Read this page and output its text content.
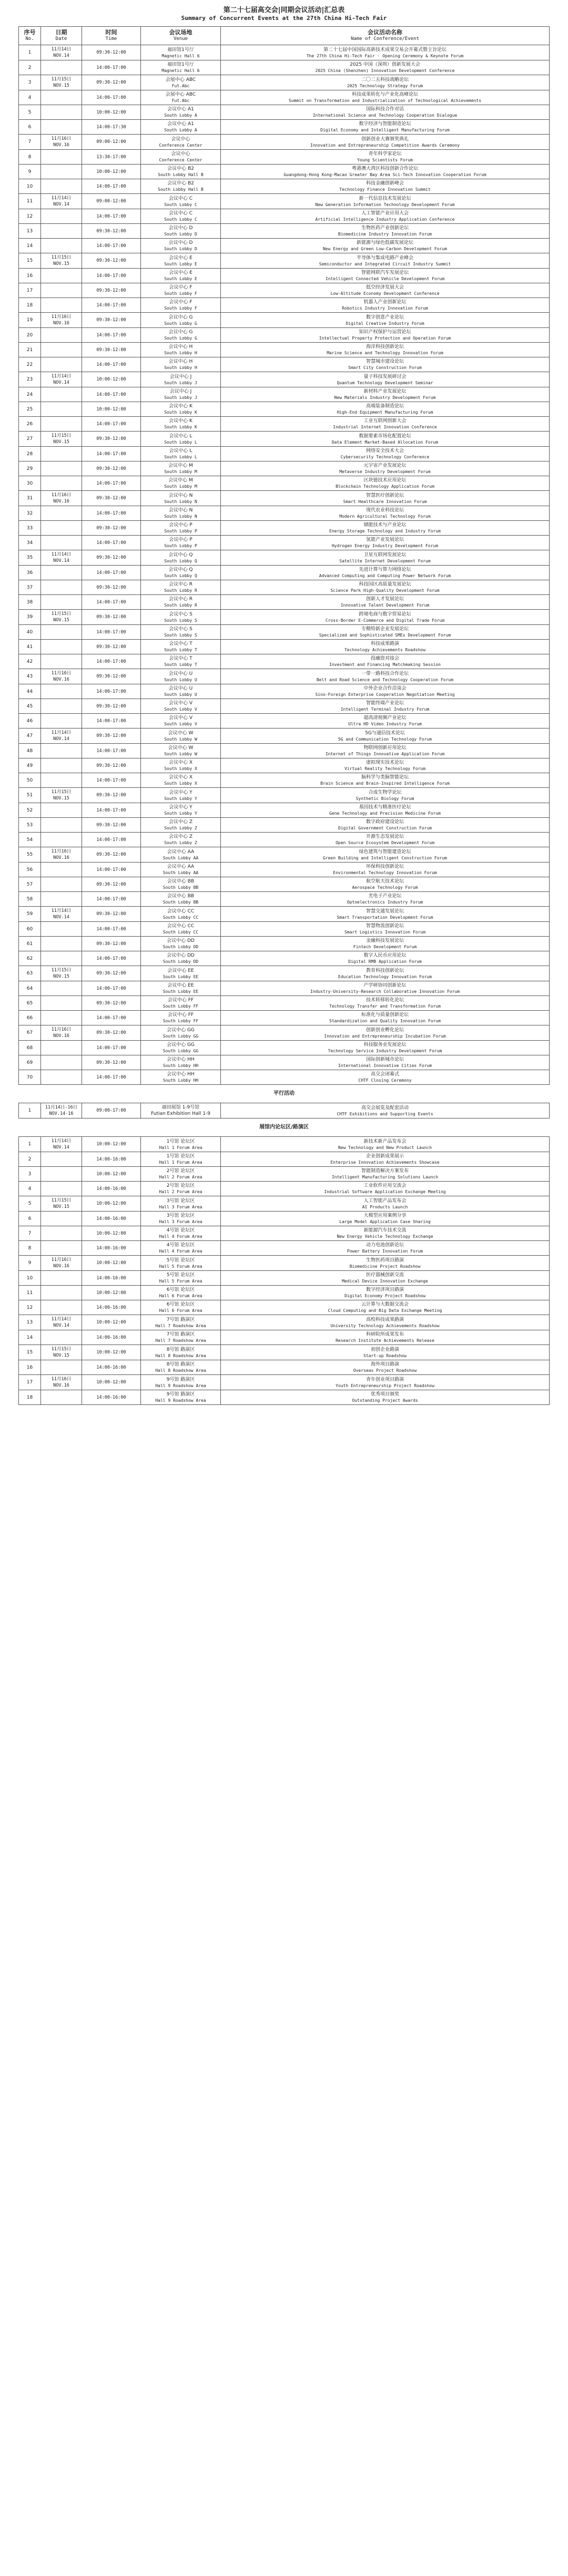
第二十七届高交会|同期会议活动|汇总表
Summary of Concurrent Events at the 27th China Hi-Tech Fair
序号
No.	日期
Date	时间
Time	会议场地
Venue	会议活动名称
Name of Conference/Event

1	11月14日
NOV.14	09:30-12:00	福田馆1号厅
Magnetic Hall 6	第二十七届中国国际高新技术成果交易会开幕式暨主旨论坛
The 27th China Hi-Tech Fair · Opening Ceremony & Keynote Forum

2		14:00-17:00	福田馆1号厅
Magnetic Hall 6	2025 中国（深圳）创新发展大会
2025 China (Shenzhen) Innovation Development Conference

3	11月15日
NOV.15	09:30-12:00	会展中心 ABC
Fut.Abc	二〇二五科技战略论坛
2025 Technology Strategy Forum

4		14:00-17:00	会展中心 ABC
Fut.Abc	科技成果转化与产业化高峰论坛
Summit on Transformation and Industrialization of Technological Achievements

5		10:00-12:00	会议中心 A1
South Lobby A	国际科技合作对话
International Science and Technology Cooperation Dialogue

6		14:00-17:30	会议中心 A1
South Lobby A	数字经济与智能制造论坛
Digital Economy and Intelligent Manufacturing Forum

7	11月16日
NOV.16	09:00-12:00	会议中心
Conference Center	创新创业大赛颁奖典礼
Innovation and Entrepreneurship Competition Awards Ceremony

8		13:30-17:00	会议中心
Conference Center	青年科学家论坛
Young Scientists Forum

9		10:00-12:00	会议中心 B2
South Lobby Hall B	粤港澳大湾区科技创新合作论坛
Guangdong-Hong Kong-Macao Greater Bay Area Sci-Tech Innovation Cooperation Forum

10		14:00-17:00	会议中心 B2
South Lobby Hall B	科技金融创新峰会
Technology Finance Innovation Summit

11	11月14日
NOV.14	09:00-12:00	会议中心 C
South Lobby C	新一代信息技术发展论坛
New Generation Information Technology Development Forum

12		14:00-17:00	会议中心 C
South Lobby C	人工智能产业应用大会
Artificial Intelligence Industry Application Conference

13		09:30-12:00	会议中心 D
South Lobby D	生物医药产业创新论坛
Biomedicine Industry Innovation Forum

14		14:00-17:00	会议中心 D
South Lobby D	新能源与绿色低碳发展论坛
New Energy and Green Low-Carbon Development Forum

15	11月15日
NOV.15	09:30-12:00	会议中心 E
South Lobby E	半导体与集成电路产业峰会
Semiconductor and Integrated Circuit Industry Summit

16		14:00-17:00	会议中心 E
South Lobby E	智能网联汽车发展论坛
Intelligent Connected Vehicle Development Forum

17		09:30-12:00	会议中心 F
South Lobby F	低空经济发展大会
Low-Altitude Economy Development Conference

18		14:00-17:00	会议中心 F
South Lobby F	机器人产业创新论坛
Robotics Industry Innovation Forum

19	11月16日
NOV.16	09:30-12:00	会议中心 G
South Lobby G	数字创意产业论坛
Digital Creative Industry Forum

20		14:00-17:00	会议中心 G
South Lobby G	知识产权保护与运营论坛
Intellectual Property Protection and Operation Forum

21		09:30-12:00	会议中心 H
South Lobby H	海洋科技创新论坛
Marine Science and Technology Innovation Forum

22		14:00-17:00	会议中心 H
South Lobby H	智慧城市建设论坛
Smart City Construction Forum

23	11月14日
NOV.14	10:00-12:00	会议中心 J
South Lobby J	量子科技发展研讨会
Quantum Technology Development Seminar

24		14:00-17:00	会议中心 J
South Lobby J	新材料产业发展论坛
New Materials Industry Development Forum

25		10:00-12:00	会议中心 K
South Lobby K	高端装备制造论坛
High-End Equipment Manufacturing Forum

26		14:00-17:00	会议中心 K
South Lobby K	工业互联网创新大会
Industrial Internet Innovation Conference

27	11月15日
NOV.15	09:30-12:00	会议中心 L
South Lobby L	数据要素市场化配置论坛
Data Element Market-Based Allocation Forum

28		14:00-17:00	会议中心 L
South Lobby L	网络安全技术大会
Cybersecurity Technology Conference

29		09:30-12:00	会议中心 M
South Lobby M	元宇宙产业发展论坛
Metaverse Industry Development Forum

30		14:00-17:00	会议中心 M
South Lobby M	区块链技术应用论坛
Blockchain Technology Application Forum

31	11月16日
NOV.16	09:30-12:00	会议中心 N
South Lobby N	智慧医疗创新论坛
Smart Healthcare Innovation Forum

32		14:00-17:00	会议中心 N
South Lobby N	现代农业科技论坛
Modern Agricultural Technology Forum

33		09:30-12:00	会议中心 P
South Lobby P	储能技术与产业论坛
Energy Storage Technology and Industry Forum

34		14:00-17:00	会议中心 P
South Lobby P	氢能产业发展论坛
Hydrogen Energy Industry Development Forum

35	11月14日
NOV.14	09:30-12:00	会议中心 Q
South Lobby Q	卫星互联网发展论坛
Satellite Internet Development Forum

36		14:00-17:00	会议中心 Q
South Lobby Q	先进计算与算力网络论坛
Advanced Computing and Computing Power Network Forum

37		09:30-12:00	会议中心 R
South Lobby R	科技园区高质量发展论坛
Science Park High-Quality Development Forum

38		14:00-17:00	会议中心 R
South Lobby R	创新人才发展论坛
Innovative Talent Development Forum

39	11月15日
NOV.15	09:30-12:00	会议中心 S
South Lobby S	跨境电商与数字贸易论坛
Cross-Border E-Commerce and Digital Trade Forum

40		14:00-17:00	会议中心 S
South Lobby S	专精特新企业发展论坛
Specialized and Sophisticated SMEs Development Forum

41		09:30-12:00	会议中心 T
South Lobby T	科技成果路演
Technology Achievements Roadshow

42		14:00-17:00	会议中心 T
South Lobby T	投融资对接会
Investment and Financing Matchmaking Session

43	11月16日
NOV.16	09:30-12:00	会议中心 U
South Lobby U	一带一路科技合作论坛
Belt and Road Science and Technology Cooperation Forum

44		14:00-17:00	会议中心 U
South Lobby U	中外企业合作洽谈会
Sino-Foreign Enterprise Cooperation Negotiation Meeting

45		09:30-12:00	会议中心 V
South Lobby V	智能终端产业论坛
Intelligent Terminal Industry Forum

46		14:00-17:00	会议中心 V
South Lobby V	超高清视频产业论坛
Ultra HD Video Industry Forum

47	11月14日
NOV.14	09:30-12:00	会议中心 W
South Lobby W	5G与通信技术论坛
5G and Communication Technology Forum

48		14:00-17:00	会议中心 W
South Lobby W	物联网创新应用论坛
Internet of Things Innovative Application Forum

49		09:30-12:00	会议中心 X
South Lobby X	虚拟现实技术论坛
Virtual Reality Technology Forum

50		14:00-17:00	会议中心 X
South Lobby X	脑科学与类脑智能论坛
Brain Science and Brain-Inspired Intelligence Forum

51	11月15日
NOV.15	09:30-12:00	会议中心 Y
South Lobby Y	合成生物学论坛
Synthetic Biology Forum

52		14:00-17:00	会议中心 Y
South Lobby Y	基因技术与精准医疗论坛
Gene Technology and Precision Medicine Forum

53		09:30-12:00	会议中心 Z
South Lobby Z	数字政府建设论坛
Digital Government Construction Forum

54		14:00-17:00	会议中心 Z
South Lobby Z	开源生态发展论坛
Open Source Ecosystem Development Forum

55	11月16日
NOV.16	09:30-12:00	会议中心 AA
South Lobby AA	绿色建筑与智能建造论坛
Green Building and Intelligent Construction Forum

56		14:00-17:00	会议中心 AA
South Lobby AA	环保科技创新论坛
Environmental Technology Innovation Forum

57		09:30-12:00	会议中心 BB
South Lobby BB	航空航天技术论坛
Aerospace Technology Forum

58		14:00-17:00	会议中心 BB
South Lobby BB	光电子产业论坛
Optoelectronics Industry Forum

59	11月14日
NOV.14	09:30-12:00	会议中心 CC
South Lobby CC	智慧交通发展论坛
Smart Transportation Development Forum

60		14:00-17:00	会议中心 CC
South Lobby CC	智慧物流创新论坛
Smart Logistics Innovation Forum

61		09:30-12:00	会议中心 DD
South Lobby DD	金融科技发展论坛
Fintech Development Forum

62		14:00-17:00	会议中心 DD
South Lobby DD	数字人民币应用论坛
Digital RMB Application Forum

63	11月15日
NOV.15	09:30-12:00	会议中心 EE
South Lobby EE	教育科技创新论坛
Education Technology Innovation Forum

64		14:00-17:00	会议中心 EE
South Lobby EE	产学研协同创新论坛
Industry-University-Research Collaborative Innovation Forum

65		09:30-12:00	会议中心 FF
South Lobby FF	技术转移转化论坛
Technology Transfer and Transformation Forum

66		14:00-17:00	会议中心 FF
South Lobby FF	标准化与质量创新论坛
Standardization and Quality Innovation Forum

67	11月16日
NOV.16	09:30-12:00	会议中心 GG
South Lobby GG	创新创业孵化论坛
Innovation and Entrepreneurship Incubation Forum

68		14:00-17:00	会议中心 GG
South Lobby GG	科技服务业发展论坛
Technology Service Industry Development Forum

69		09:30-12:00	会议中心 HH
South Lobby HH	国际创新城市论坛
International Innovative Cities Forum

70		14:00-17:00	会议中心 HH
South Lobby HH	高交会闭幕式
CHTF Closing Ceremony

平行活动				
1	11月14日-16日
NOV.14-16	09:00-17:00	福田展馆 1-9号馆
Futian Exhibition Hall 1-9	高交会展览及配套活动
CHTF Exhibitions and Supporting Events

展馆内论坛区/路演区				
1	11月14日
NOV.14	10:00-12:00	1号馆 论坛区
Hall 1 Forum Area	新技术新产品发布会
New Technology and New Product Launch

2		14:00-16:00	1号馆 论坛区
Hall 1 Forum Area	企业创新成果展示
Enterprise Innovation Achievements Showcase

3		10:00-12:00	2号馆 论坛区
Hall 2 Forum Area	智能制造解决方案发布
Intelligent Manufacturing Solutions Launch

4		14:00-16:00	2号馆 论坛区
Hall 2 Forum Area	工业软件应用交流会
Industrial Software Application Exchange Meeting

5	11月15日
NOV.15	10:00-12:00	3号馆 论坛区
Hall 3 Forum Area	人工智能产品发布会
AI Products Launch

6		14:00-16:00	3号馆 论坛区
Hall 3 Forum Area	大模型应用案例分享
Large Model Application Case Sharing

7		10:00-12:00	4号馆 论坛区
Hall 4 Forum Area	新能源汽车技术交流
New Energy Vehicle Technology Exchange

8		14:00-16:00	4号馆 论坛区
Hall 4 Forum Area	动力电池创新论坛
Power Battery Innovation Forum

9	11月16日
NOV.16	10:00-12:00	5号馆 论坛区
Hall 5 Forum Area	生物医药项目路演
Biomedicine Project Roadshow

10		14:00-16:00	5号馆 论坛区
Hall 5 Forum Area	医疗器械创新交流
Medical Device Innovation Exchange

11		10:00-12:00	6号馆 论坛区
Hall 6 Forum Area	数字经济项目路演
Digital Economy Project Roadshow

12		14:00-16:00	6号馆 论坛区
Hall 6 Forum Area	云计算与大数据交流会
Cloud Computing and Big Data Exchange Meeting

13	11月14日
NOV.14	10:00-12:00	7号馆 路演区
Hall 7 Roadshow Area	高校科技成果路演
University Technology Achievements Roadshow

14		14:00-16:00	7号馆 路演区
Hall 7 Roadshow Area	科研院所成果发布
Research Institute Achievements Release

15	11月15日
NOV.15	10:00-12:00	8号馆 路演区
Hall 8 Roadshow Area	初创企业路演
Start-up Roadshow

16		14:00-16:00	8号馆 路演区
Hall 8 Roadshow Area	海外项目路演
Overseas Project Roadshow

17	11月16日
NOV.16	10:00-12:00	9号馆 路演区
Hall 9 Roadshow Area	青年创业项目路演
Youth Entrepreneurship Project Roadshow

18		14:00-16:00	9号馆 路演区
Hall 9 Roadshow Area	优秀项目颁奖
Outstanding Project Awards
